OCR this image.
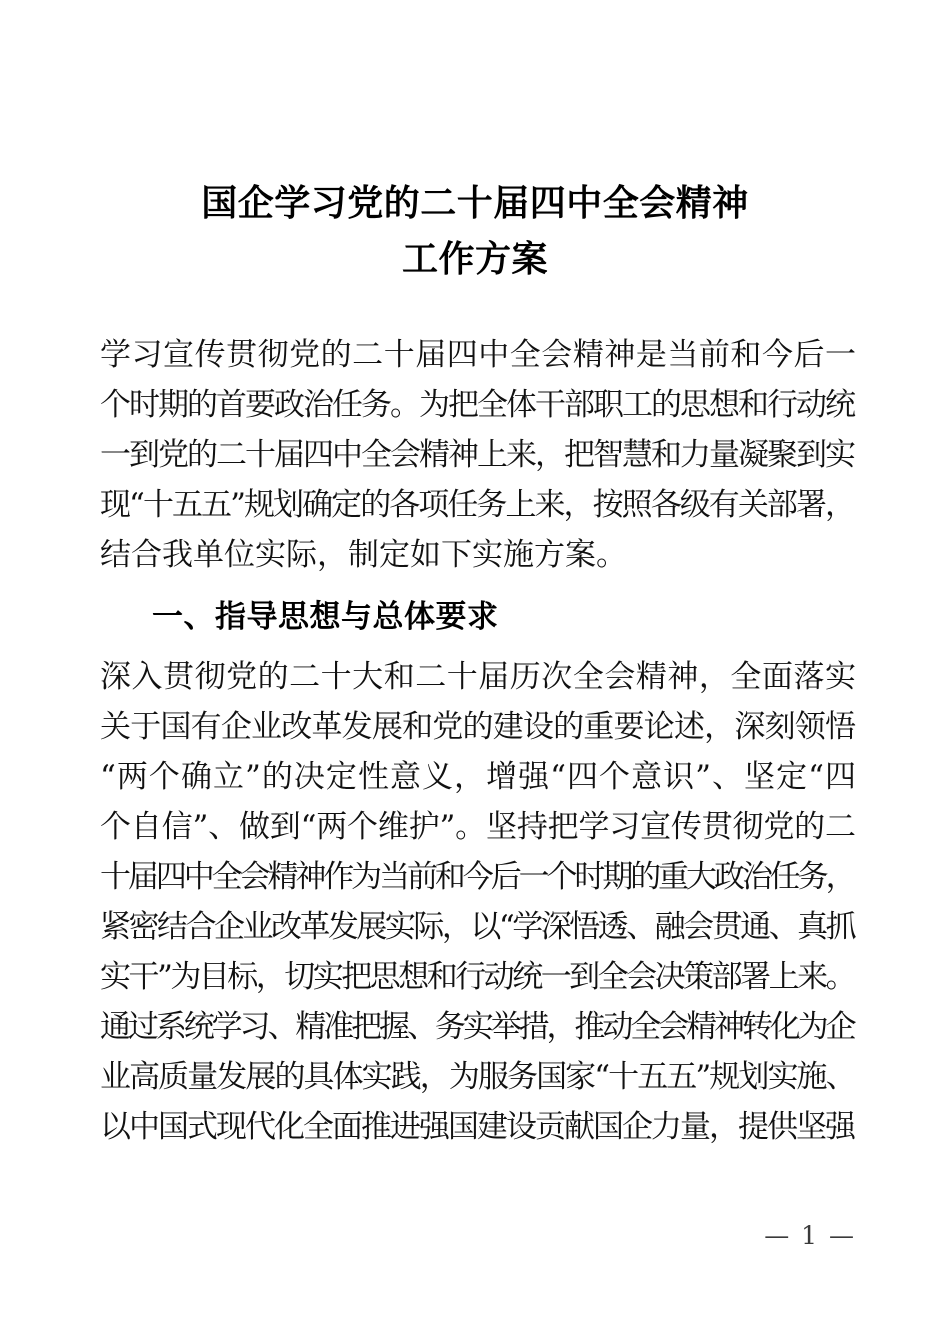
国企学习党的二十届四中全会精神
工作方案
学习宣传贯彻党的二十届四中全会精神是当前和今后一
个时期的首要政治任务。为把全体干部职工的思想和行动统
一到党的二十届四中全会精神上来，把智慧和力量凝聚到实
现“十五五”规划确定的各项任务上来，按照各级有关部署，
结合我单位实际，制定如下实施方案。
一、指导思想与总体要求
深入贯彻党的二十大和二十届历次全会精神，全面落实
关于国有企业改革发展和党的建设的重要论述，深刻领悟
“两个确立”的决定性意义，增强“四个意识”、坚定“四
个自信”、做到“两个维护”。坚持把学习宣传贯彻党的二
十届四中全会精神作为当前和今后一个时期的重大政治任务，
紧密结合企业改革发展实际，以“学深悟透、融会贯通、真抓
实干”为目标，切实把思想和行动统一到全会决策部署上来。
通过系统学习、精准把握、务实举措，推动全会精神转化为企
业高质量发展的具体实践，为服务国家“十五五”规划实施、
以中国式现代化全面推进强国建设贡献国企力量，提供坚强
— 1 —
